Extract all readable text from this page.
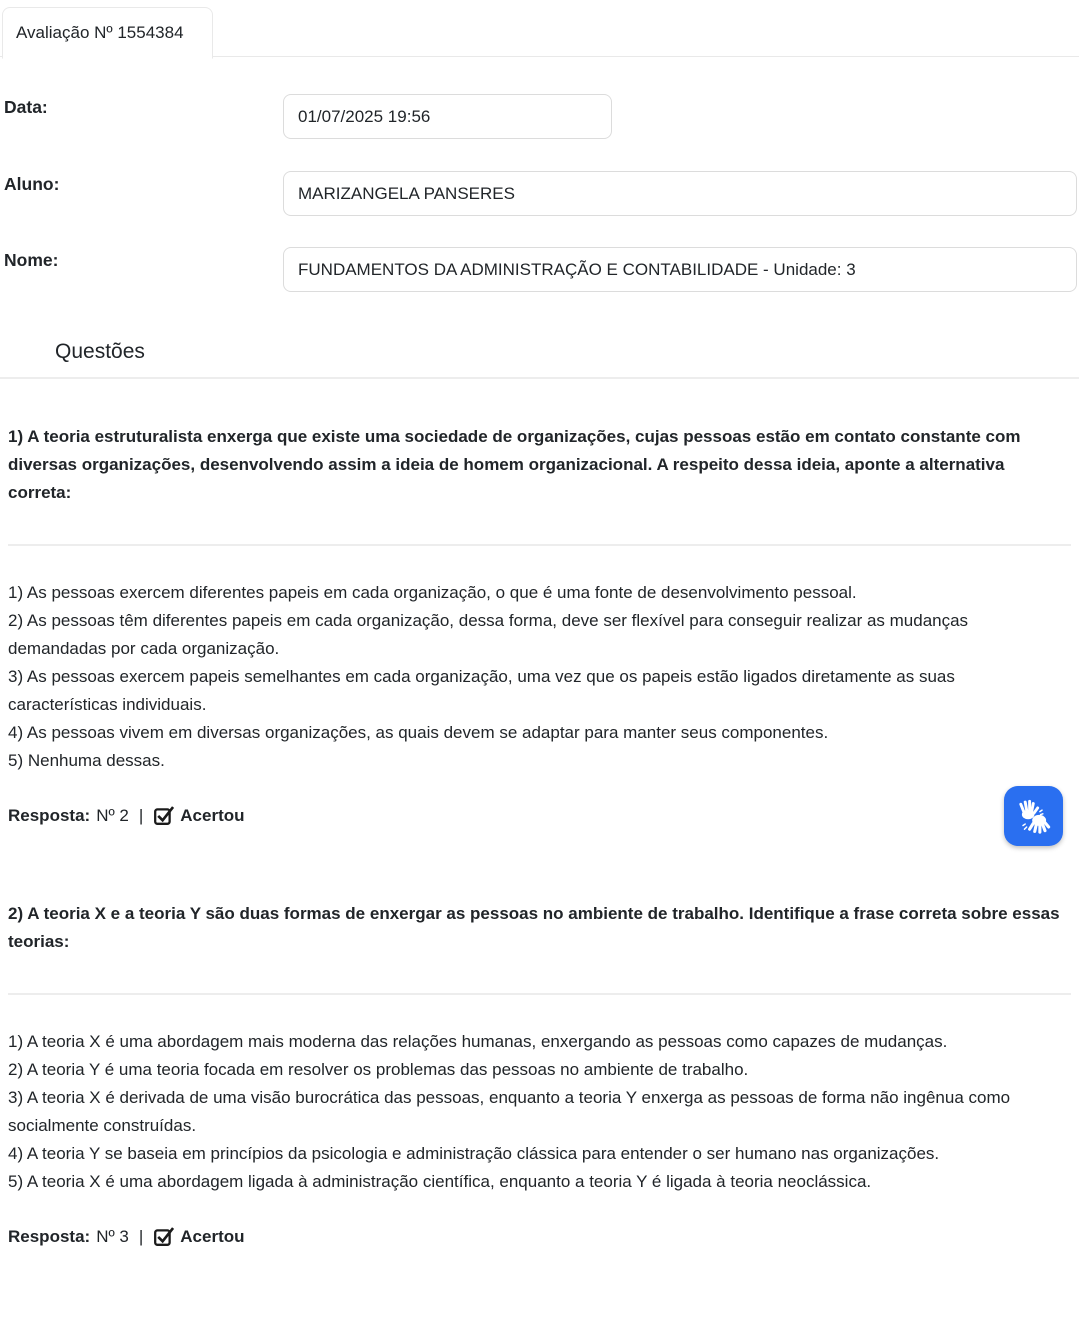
Avaliação Nº 1554384
Data:	01/07/2025 19:56
Aluno:	MARIZANGELA PANSERES
Nome:	FUNDAMENTOS DA ADMINISTRAÇÃO E CONTABILIDADE - Unidade: 3
Questões

1) A teoria estruturalista enxerga que existe uma sociedade de organizações, cujas pessoas estão em contato constante com diversas organizações, desenvolvendo assim a ideia de homem organizacional. A respeito dessa ideia, aponte a alternativa correta:

1) As pessoas exercem diferentes papeis em cada organização, o que é uma fonte de desenvolvimento pessoal.
2) As pessoas têm diferentes papeis em cada organização, dessa forma, deve ser flexível para conseguir realizar as mudanças demandadas por cada organização.
3) As pessoas exercem papeis semelhantes em cada organização, uma vez que os papeis estão ligados diretamente as suas características individuais.
4) As pessoas vivem em diversas organizações, as quais devem se adaptar para manter seus componentes.
5) Nenhuma dessas.
Resposta: Nº 2 | Acertou

2) A teoria X e a teoria Y são duas formas de enxergar as pessoas no ambiente de trabalho. Identifique a frase correta sobre essas teorias:

1) A teoria X é uma abordagem mais moderna das relações humanas, enxergando as pessoas como capazes de mudanças.
2) A teoria Y é uma teoria focada em resolver os problemas das pessoas no ambiente de trabalho.
3) A teoria X é derivada de uma visão burocrática das pessoas, enquanto a teoria Y enxerga as pessoas de forma não ingênua como socialmente construídas.
4) A teoria Y se baseia em princípios da psicologia e administração clássica para entender o ser humano nas organizações.
5) A teoria X é uma abordagem ligada à administração científica, enquanto a teoria Y é ligada à teoria neoclássica.
Resposta: Nº 3 | Acertou
